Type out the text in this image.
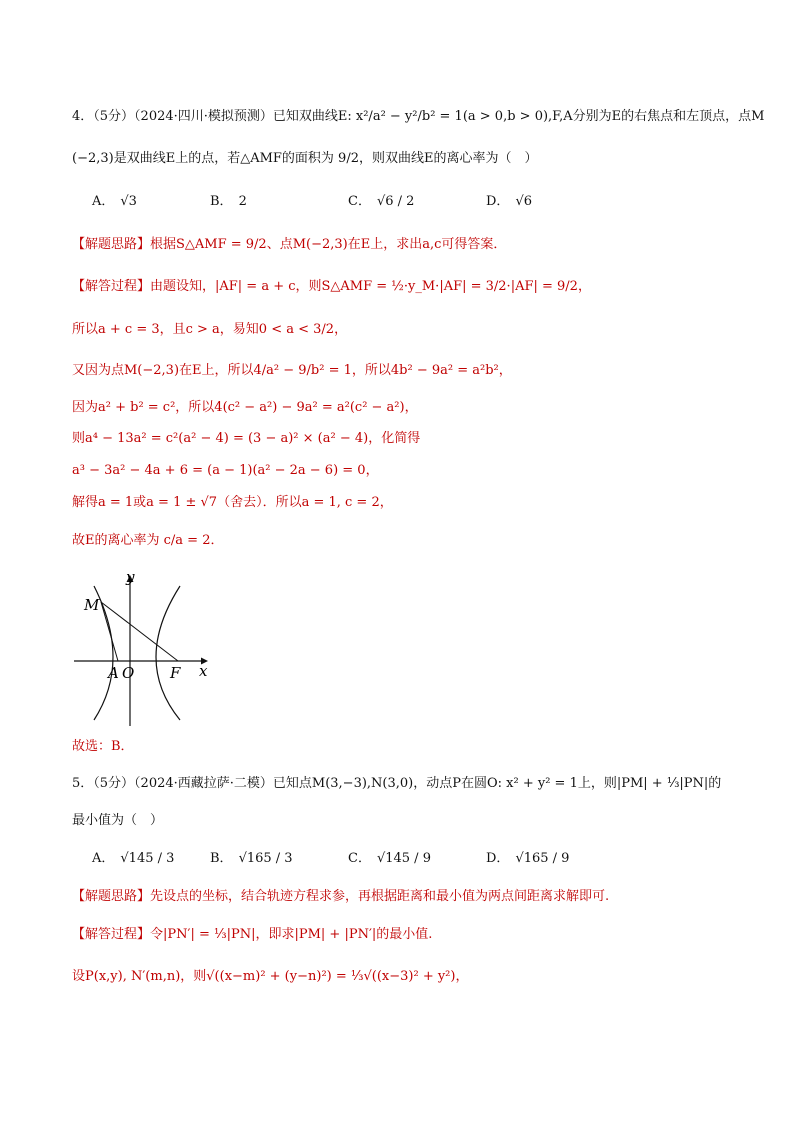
4．（5分）（2024·四川·模拟预测）已知双曲线E: x²/a² − y²/b² = 1(a > 0,b > 0),F,A分别为E的右焦点和左顶点，点M
(−2,3)是双曲线E上的点，若△AMF的面积为 9/2，则双曲线E的离心率为（　）
A． √3	B． 2	C． √6 / 2	D． √6
【解题思路】根据S△AMF = 9/2、点M(−2,3)在E上，求出a,c可得答案．
【解答过程】由题设知，|AF| = a + c，则S△AMF = ½·y_M·|AF| = 3/2·|AF| = 9/2，
所以a + c = 3，且c > a，易知0 < a < 3/2，
又因为点M(−2,3)在E上，所以4/a² − 9/b² = 1，所以4b² − 9a² = a²b²，
因为a² + b² = c²，所以4(c² − a²) − 9a² = a²(c² − a²)，
则a⁴ − 13a² = c²(a² − 4) = (3 − a)² × (a² − 4)，化简得
a³ − 3a² − 4a + 6 = (a − 1)(a² − 2a − 6) = 0，
解得a = 1或a = 1 ± √7（舍去）．所以a = 1, c = 2，
故E的离心率为 c/a = 2．
y
x
M
A O F
故选：B．
5．（5分）（2024·西藏拉萨·二模）已知点M(3,−3),N(3,0)，动点P在圆O: x² + y² = 1上，则|PM| + ⅓|PN|的
最小值为（　）
A． √145 / 3	B． √165 / 3	C． √145 / 9	D． √165 / 9
【解题思路】先设点的坐标，结合轨迹方程求参，再根据距离和最小值为两点间距离求解即可.
【解答过程】令|PN′| = ⅓|PN|，即求|PM| + |PN′|的最小值.
设P(x,y), N′(m,n)，则√((x−m)² + (y−n)²) = ⅓√((x−3)² + y²)，
